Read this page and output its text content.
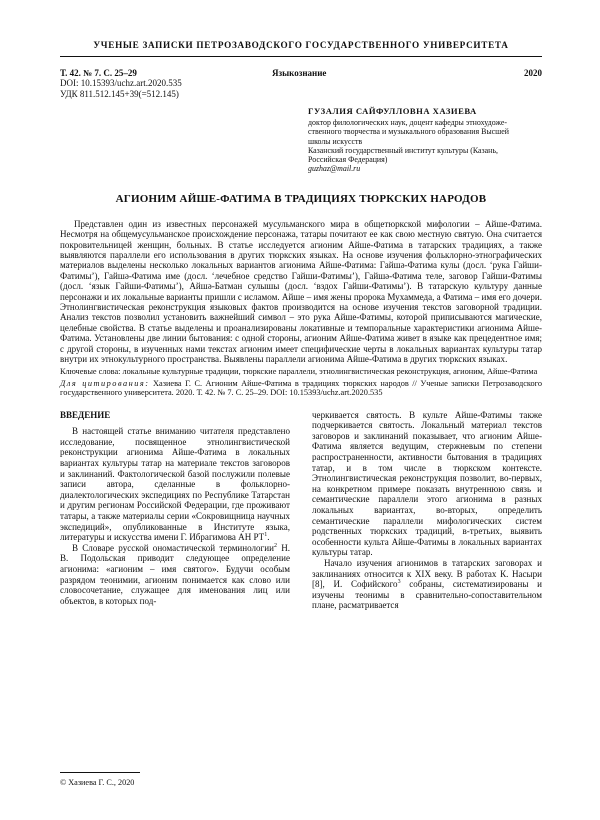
УЧЕНЫЕ ЗАПИСКИ ПЕТРОЗАВОДСКОГО ГОСУДАРСТВЕННОГО УНИВЕРСИТЕТА
Т. 42. № 7. С. 25–29	Языкознание	2020
DOI: 10.15393/uchz.art.2020.535
УДК 811.512.145+39(=512.145)
ГУЗАЛИЯ САЙФУЛЛОВНА ХАЗИЕВА
доктор филологических наук, доцент кафедры этнохудоже-
ственного творчества и музыкального образования Высшей
школы искусств
Казанский государственный институт культуры (Казань,
Российская Федерация)
guzhaz@mail.ru
АГИОНИМ АЙШЕ-ФАТИМА В ТРАДИЦИЯХ ТЮРКСКИХ НАРОДОВ

Представлен один из известных персонажей мусульманского мира в общетюркской мифологии – Айше-Фатима. Несмотря на общемусульманское происхождение персонажа, татары почитают ее как свою местную святую. Она считается покровительницей женщин, больных. В статье исследуется агионим Айше-Фатима в татарских традициях, а также выявляются параллели его использования в других тюркских языках. На основе изучения фольклорно-этнографических материалов выделены несколько локальных вариантов агионима Айше-Фатима: Гайшә-Фатима кулы (досл. ‘рука Гайши-Фатимы’), Гайшә-Фатима име (досл. ‘лечебное средство Гайши-Фатимы’), Гайшә-Фатима теле, заговор Гайши-Фатимы (досл. ‘язык Гайши-Фатимы’), Айшә-Батман сулышы (досл. ‘вздох Гайши-Фатимы’). В татарскую культуру данные персонажи и их локальные варианты пришли с исламом. Айше – имя жены пророка Мухаммеда, а Фатима – имя его дочери. Этнолингвистическая реконструкция языковых фактов производится на основе изучения текстов заговорной традиции. Анализ текстов позволил установить важнейший символ – это рука Айше-Фатимы, которой приписываются магические, целебные свойства. В статье выделены и проанализированы локативные и темпоральные характеристики агионима Айше-Фатима. Установлены две линии бытования: с одной стороны, агионим Айше-Фатима живет в языке как прецедентное имя; с другой стороны, в изученных нами текстах агионим имеет специфические черты в локальных вариантах культуры татар внутри их этнокультурного пространства. Выявлены параллели агионима Айше-Фатима в других тюркских языках.

Ключевые слова: локальные культурные традиции, тюркские параллели, этнолингвистическая реконструкция, агионим, Айше-Фатима
Для цитирования: Хазиева Г. С. Агионим Айше-Фатима в традициях тюркских народов // Ученые записки Петрозаводского государственного университета. 2020. Т. 42. № 7. С. 25–29. DOI: 10.15393/uchz.art.2020.535
ВВЕДЕНИЕ

В настоящей статье вниманию читателя представлено исследование, посвященное этнолингвистической реконструкции агионима Айше-Фатима в локальных вариантах культуры татар на материале текстов заговоров и заклинаний. Фактологической базой послужили полевые записи автора, сделанные в фольклорно-диалектологических экспедициях по Республике Татарстан и другим регионам Российской Федерации, где проживают татары, а также материалы серии «Сокровищница научных экспедиций», опубликованные в Институте языка, литературы и искусства имени Г. Ибрагимова АН $РТ^1$.

В Словаре русской ономастической терминологии$^2$ Н. В. Подольская приводит следующее определение агионима: «агионим – имя святого». Будучи особым разрядом теонимии, агионим понимается как слово или словосочетание, служащее для именования лиц или объектов, в которых под-

черкивается святость. В культе Айше-Фатимы также подчеркивается святость. Локальный материал текстов заговоров и заклинаний показывает, что агионим Айше-Фатима является ведущим, стержневым по степени распространенности, активности бытования в традициях татар, и в том числе в тюркском контексте. Этнолингвистическая реконструкция позволит, во-первых, на конкретном примере показать внутреннюю связь и семантические параллели этого агионима в разных локальных вариантах, во-вторых, определить семантические параллели мифологических систем родственных тюркских традиций, в-третьих, выявить особенности культа Айше-Фатимы в локальных вариантах культуры татар.

Начало изучения агионимов в татарских заговорах и заклинаниях относится к XIX веку. В работах К. Насыри [8], И. Софийского$^3$ собраны, систематизированы и изучены теонимы в сравнительно-сопоставительном плане, расматривается

© Хазиева Г. С., 2020
